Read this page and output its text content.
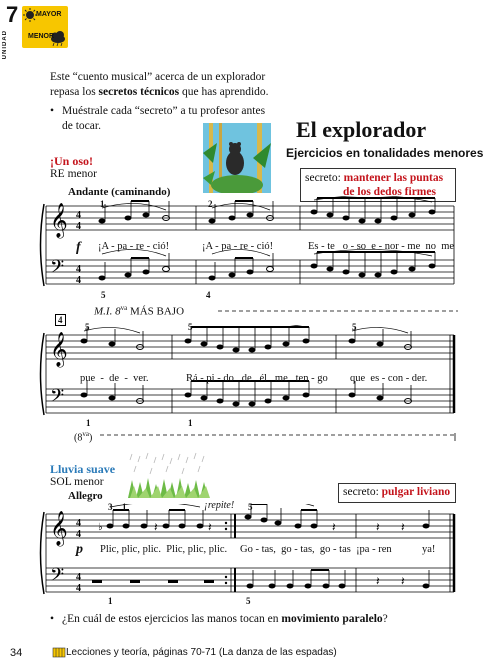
7
UNIDAD
MAYOR
MENOR
Este “cuento musical” acerca de un explorador
repasa los secretos técnicos que has aprendido.
• Muéstrale cada “secreto” a tu profesor antes
de tocar.	El explorador
Ejercicios en tonalidades menores
¡Un oso!
RE menor
Andante (caminando)
secreto: mantener las puntas
de los dedos firmes
𝄞
𝄢
4
4
4
4
1	2
5	4
f ¡A - pa - re - ció!	¡A - pa - re - ció!	Es - te   o - so  e - nor - me  no  me
M.I. $8^{va}$ MÁS BAJO
4
𝄞
𝄢
5	5	5
1	1
pue  -  de  -  ver.	Rá - pi - do   de   él   me   ten - go que  es - con - der.
$(8^{va})$
Lluvia suave
SOL menor
Allegro	secreto: pulgar liviano
¡repite!
𝄞
𝄢
4
4
4
4
♭	𝄽	𝄽	𝄽	𝄽 𝄽
𝄽 𝄽
3 1	5
5
1
p Plic, plic, plic.  Plic, plic, plic. Go - tas,  go - tas,  go - tas  ¡pa - ren	ya!
• ¿En cuál de estos ejercicios las manos tocan en movimiento paralelo?
34	Lecciones y teoría, páginas 70-71 (La danza de las espadas)
